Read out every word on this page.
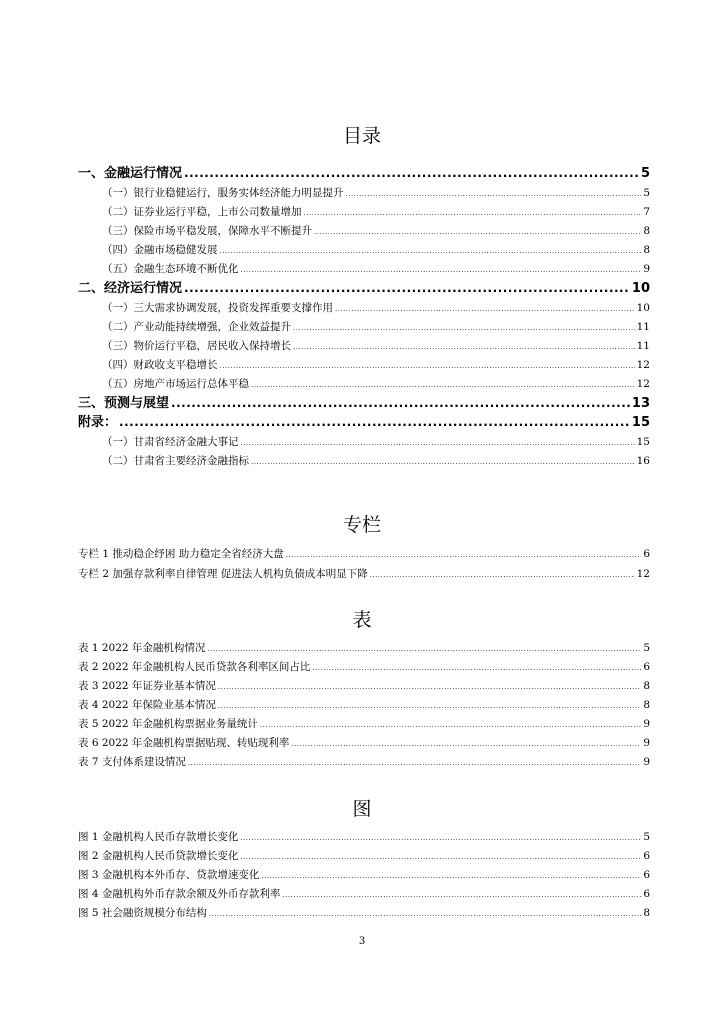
目录
一、金融运行情况 .....	5
（一）银行业稳健运行，服务实体经济能力明显提升 .....	5
（二）证券业运行平稳，上市公司数量增加 .....	7
（三）保险市场平稳发展，保障水平不断提升 .....	8
（四）金融市场稳健发展 .....	8
（五）金融生态环境不断优化 .....	9
二、经济运行情况 .....	10
（一）三大需求协调发展，投资发挥重要支撑作用 .....	10
（二）产业动能持续增强，企业效益提升 .....	11
（三）物价运行平稳，居民收入保持增长 .....	11
（四）财政收支平稳增长 .....	12
（五）房地产市场运行总体平稳 .....	12
三、预测与展望 .....	13
附录： .....	15
（一）甘肃省经济金融大事记 .....	15
（二）甘肃省主要经济金融指标 .....	16
专栏
专栏 1 推动稳企纾困 助力稳定全省经济大盘 .....	6
专栏 2 加强存款利率自律管理 促进法人机构负债成本明显下降 .....	12
表
表 1 2022 年金融机构情况 .....	5
表 2 2022 年金融机构人民币贷款各利率区间占比 .....	6
表 3 2022 年证券业基本情况 .....	8
表 4 2022 年保险业基本情况 .....	8
表 5 2022 年金融机构票据业务量统计 .....	9
表 6 2022 年金融机构票据贴现、转贴现利率 .....	9
表 7 支付体系建设情况 .....	9
图
图 1 金融机构人民币存款增长变化 .....	5
图 2 金融机构人民币贷款增长变化 .....	6
图 3 金融机构本外币存、贷款增速变化 .....	6
图 4 金融机构外币存款余额及外币存款利率 .....	6
图 5 社会融资规模分布结构 .....	8
3
